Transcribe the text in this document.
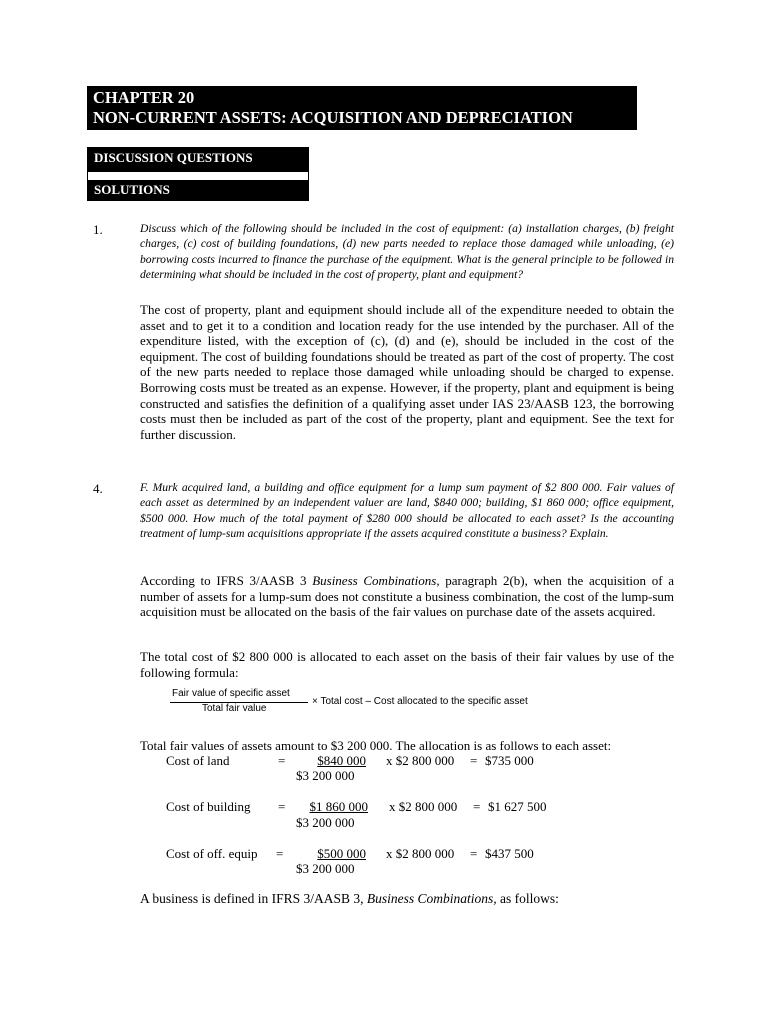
CHAPTER 20
NON-CURRENT ASSETS: ACQUISITION AND DEPRECIATION
DISCUSSION QUESTIONS
SOLUTIONS
1.	Discuss which of the following should be included in the cost of equipment: (a) installation charges, (b) freight charges, (c) cost of building foundations, (d) new parts needed to replace those damaged while unloading, (e) borrowing costs incurred to finance the purchase of the equipment. What is the general principle to be followed in determining what should be included in the cost of property, plant and equipment?
The cost of property, plant and equipment should include all of the expenditure needed to obtain the asset and to get it to a condition and location ready for the use intended by the purchaser. All of the expenditure listed, with the exception of (c), (d) and (e), should be included in the cost of the equipment. The cost of building foundations should be treated as part of the cost of property. The cost of the new parts needed to replace those damaged while unloading should be charged to expense. Borrowing costs must be treated as an expense. However, if the property, plant and equipment is being constructed and satisfies the definition of a qualifying asset under IAS 23/AASB 123, the borrowing costs must then be included as part of the cost of the property, plant and equipment. See the text for further discussion.
4.	F. Murk acquired land, a building and office equipment for a lump sum payment of $2 800 000. Fair values of each asset as determined by an independent valuer are land, $840 000; building, $1 860 000; office equipment, $500 000. How much of the total payment of $280 000 should be allocated to each asset? Is the accounting treatment of lump-sum acquisitions appropriate if the assets acquired constitute a business? Explain.
According to IFRS 3/AASB 3 Business Combinations, paragraph 2(b), when the acquisition of a number of assets for a lump-sum does not constitute a business combination, the cost of the lump-sum acquisition must be allocated on the basis of the fair values on purchase date of the assets acquired.
The total cost of $2 800 000 is allocated to each asset on the basis of their fair values by use of the following formula:
Fair value of specific asset
Total fair value
× Total cost – Cost allocated to the specific asset
Total fair values of assets amount to $3 200 000. The allocation is as follows to each asset:
Cost of land	=	$840 000
$3 200 000
x $2 800 000 = $735 000
Cost of building =	$1 860 000
$3 200 000
x $2 800 000 = $1 627 500
Cost of off. equip =	$500 000
$3 200 000
x $2 800 000 = $437 500
A business is defined in IFRS 3/AASB 3, Business Combinations, as follows:
